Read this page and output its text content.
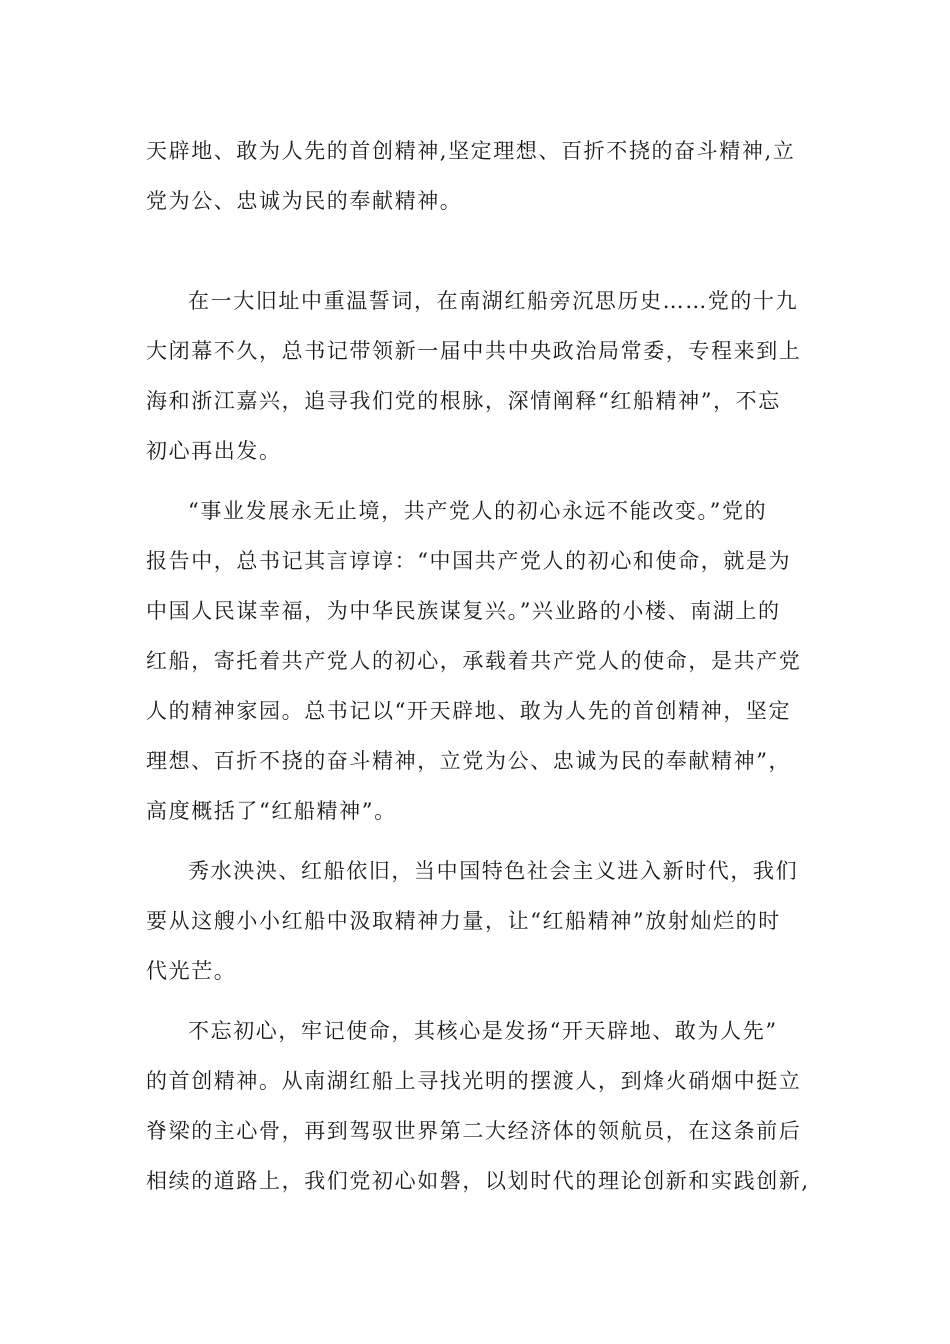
天辟地、敢为人先的首创精神,坚定理想、百折不挠的奋斗精神,立
党为公、忠诚为民的奉献精神。
在一大旧址中重温誓词，在南湖红船旁沉思历史……党的十九
大闭幕不久，总书记带领新一届中共中央政治局常委，专程来到上
海和浙江嘉兴，追寻我们党的根脉，深情阐释“红船精神”，不忘
初心再出发。
“事业发展永无止境，共产党人的初心永远不能改变。”党的
报告中，总书记其言谆谆：“中国共产党人的初心和使命，就是为
中国人民谋幸福，为中华民族谋复兴。”兴业路的小楼、南湖上的
红船，寄托着共产党人的初心，承载着共产党人的使命，是共产党
人的精神家园。总书记以“开天辟地、敢为人先的首创精神，坚定
理想、百折不挠的奋斗精神，立党为公、忠诚为民的奉献精神”，
高度概括了“红船精神”。
秀水泱泱、红船依旧，当中国特色社会主义进入新时代，我们
要从这艘小小红船中汲取精神力量，让“红船精神”放射灿烂的时
代光芒。
不忘初心，牢记使命，其核心是发扬“开天辟地、敢为人先”
的首创精神。从南湖红船上寻找光明的摆渡人，到烽火硝烟中挺立
脊梁的主心骨，再到驾驭世界第二大经济体的领航员，在这条前后
相续的道路上，我们党初心如磐，以划时代的理论创新和实践创新,
